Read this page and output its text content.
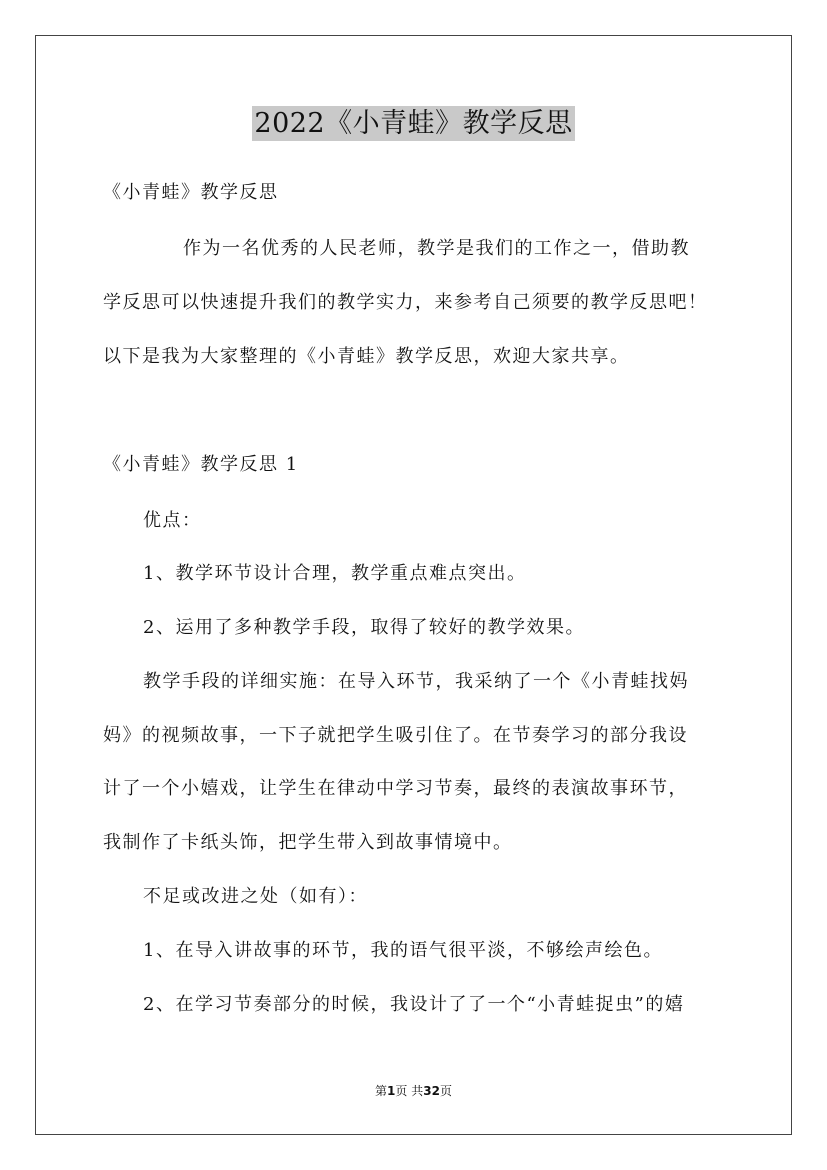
2022《小青蛙》教学反思
《小青蛙》教学反思
作为一名优秀的人民老师，教学是我们的工作之一，借助教
学反思可以快速提升我们的教学实力，来参考自己须要的教学反思吧！
以下是我为大家整理的《小青蛙》教学反思，欢迎大家共享。
《小青蛙》教学反思 1
优点：
1、教学环节设计合理，教学重点难点突出。
2、运用了多种教学手段，取得了较好的教学效果。
教学手段的详细实施：在导入环节，我采纳了一个《小青蛙找妈
妈》的视频故事，一下子就把学生吸引住了。在节奏学习的部分我设
计了一个小嬉戏，让学生在律动中学习节奏，最终的表演故事环节，
我制作了卡纸头饰，把学生带入到故事情境中。
不足或改进之处（如有）：
1、在导入讲故事的环节，我的语气很平淡，不够绘声绘色。
2、在学习节奏部分的时候，我设计了了一个“小青蛙捉虫”的嬉
第1页 共32页
